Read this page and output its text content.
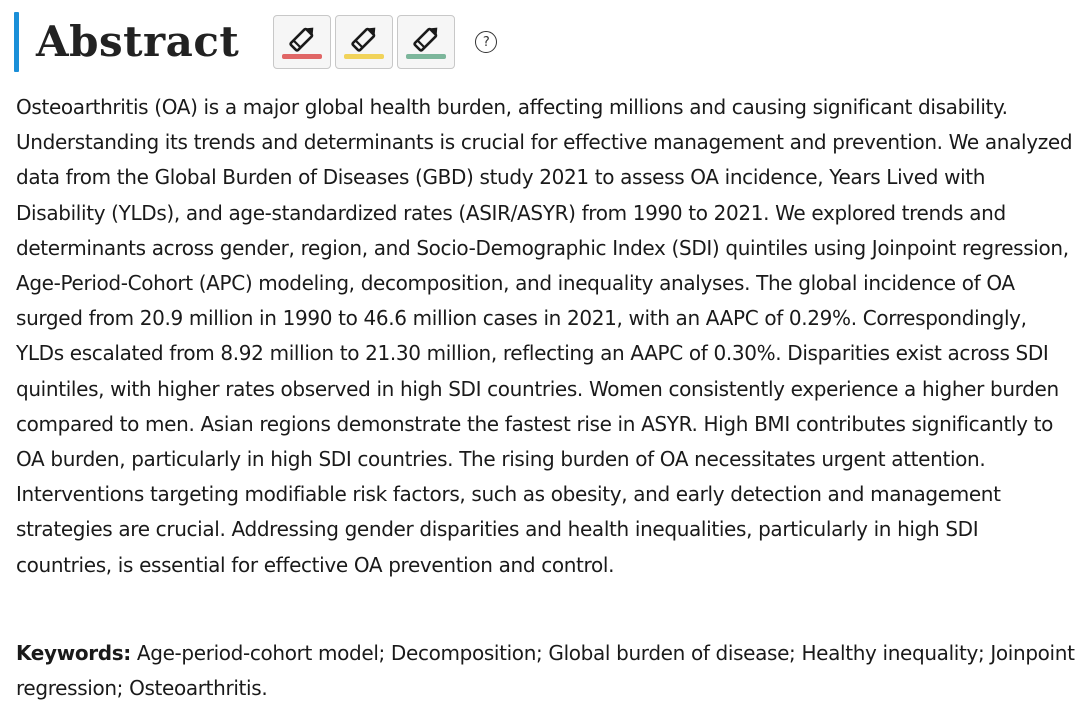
Abstract	?

Osteoarthritis (OA) is a major global health burden, affecting millions and causing significant disability. Understanding its trends and determinants is crucial for effective management and prevention. We analyzed data from the Global Burden of Diseases (GBD) study 2021 to assess OA incidence, Years Lived with Disability (YLDs), and age-standardized rates (ASIR/ASYR) from 1990 to 2021. We explored trends and determinants across gender, region, and Socio-Demographic Index (SDI) quintiles using Joinpoint regression, Age-Period-Cohort (APC) modeling, decomposition, and inequality analyses. The global incidence of OA surged from 20.9 million in 1990 to 46.6 million cases in 2021, with an AAPC of 0.29%. Correspondingly, YLDs escalated from 8.92 million to 21.30 million, reflecting an AAPC of 0.30%. Disparities exist across SDI quintiles, with higher rates observed in high SDI countries. Women consistently experience a higher burden compared to men. Asian regions demonstrate the fastest rise in ASYR. High BMI contributes significantly to OA burden, particularly in high SDI countries. The rising burden of OA necessitates urgent attention. Interventions targeting modifiable risk factors, such as obesity, and early detection and management strategies are crucial. Addressing gender disparities and health inequalities, particularly in high SDI countries, is essential for effective OA prevention and control.

Keywords: Age-period-cohort model; Decomposition; Global burden of disease; Healthy inequality; Joinpoint regression; Osteoarthritis.
